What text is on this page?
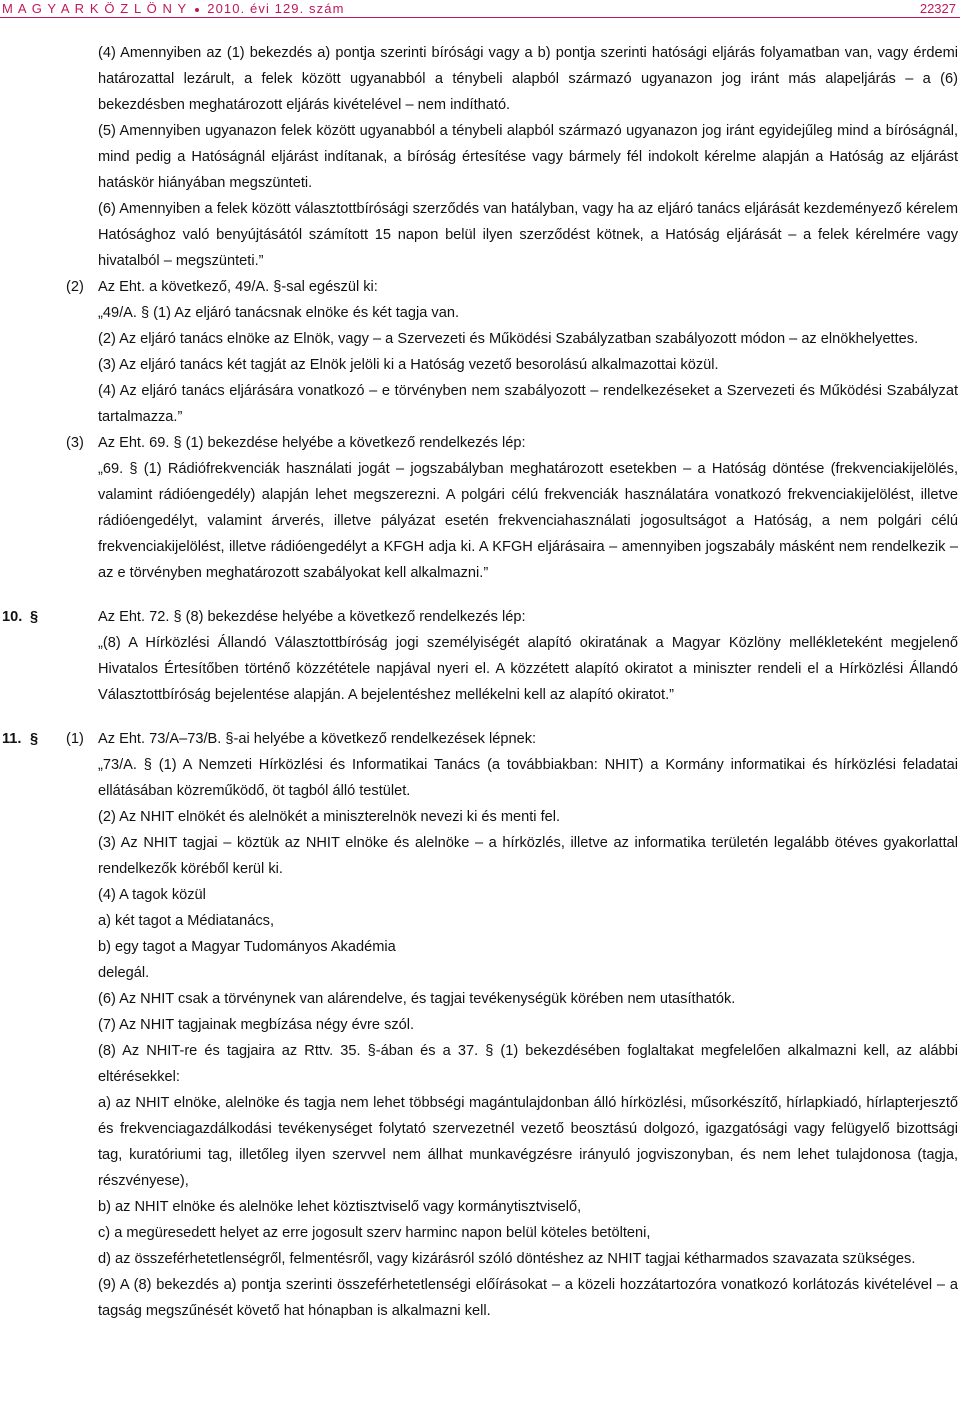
M A G Y A R K Ö Z L Ö N Y 2010. évi 129. szám	22327
(4) Amennyiben az (1) bekezdés a) pontja szerinti bírósági vagy a b) pontja szerinti hatósági eljárás folyamatban van, vagy érdemi határozattal lezárult, a felek között ugyanabból a ténybeli alapból származó ugyanazon jog iránt más alapeljárás – a (6) bekezdésben meghatározott eljárás kivételével – nem indítható.
(5) Amennyiben ugyanazon felek között ugyanabból a ténybeli alapból származó ugyanazon jog iránt egyidejűleg mind a bíróságnál, mind pedig a Hatóságnál eljárást indítanak, a bíróság értesítése vagy bármely fél indokolt kérelme alapján a Hatóság az eljárást hatáskör hiányában megszünteti.
(6) Amennyiben a felek között választottbírósági szerződés van hatályban, vagy ha az eljáró tanács eljárását kezdeményező kérelem Hatósághoz való benyújtásától számított 15 napon belül ilyen szerződést kötnek, a Hatóság eljárását – a felek kérelmére vagy hivatalból – megszünteti.”
(2) Az Eht. a következő, 49/A. §-sal egészül ki:
„49/A. § (1) Az eljáró tanácsnak elnöke és két tagja van.
(2) Az eljáró tanács elnöke az Elnök, vagy – a Szervezeti és Működési Szabályzatban szabályozott módon – az elnökhelyettes.
(3) Az eljáró tanács két tagját az Elnök jelöli ki a Hatóság vezető besorolású alkalmazottai közül.
(4) Az eljáró tanács eljárására vonatkozó – e törvényben nem szabályozott – rendelkezéseket a Szervezeti és Működési Szabályzat tartalmazza.”
(3) Az Eht. 69. § (1) bekezdése helyébe a következő rendelkezés lép:
„69. § (1) Rádiófrekvenciák használati jogát – jogszabályban meghatározott esetekben – a Hatóság döntése (frekvenciakijelölés, valamint rádióengedély) alapján lehet megszerezni. A polgári célú frekvenciák használatára vonatkozó frekvenciakijelölést, illetve rádióengedélyt, valamint árverés, illetve pályázat esetén frekvenciahasználati jogosultságot a Hatóság, a nem polgári célú frekvenciakijelölést, illetve rádióengedélyt a KFGH adja ki. A KFGH eljárásaira – amennyiben jogszabály másként nem rendelkezik – az e törvényben meghatározott szabályokat kell alkalmazni.”
10. §	Az Eht. 72. § (8) bekezdése helyébe a következő rendelkezés lép:
„(8) A Hírközlési Állandó Választottbíróság jogi személyiségét alapító okiratának a Magyar Közlöny mellékleteként megjelenő Hivatalos Értesítőben történő közzététele napjával nyeri el. A közzétett alapító okiratot a miniszter rendeli el a Hírközlési Állandó Választottbíróság bejelentése alapján. A bejelentéshez mellékelni kell az alapító okiratot.”
11. § (1) Az Eht. 73/A–73/B. §-ai helyébe a következő rendelkezések lépnek:
„73/A. § (1) A Nemzeti Hírközlési és Informatikai Tanács (a továbbiakban: NHIT) a Kormány informatikai és hírközlési feladatai ellátásában közreműködő, öt tagból álló testület.
(2) Az NHIT elnökét és alelnökét a miniszterelnök nevezi ki és menti fel.
(3) Az NHIT tagjai – köztük az NHIT elnöke és alelnöke – a hírközlés, illetve az informatika területén legalább ötéves gyakorlattal rendelkezők köréből kerül ki.
(4) A tagok közül
a) két tagot a Médiatanács,
b) egy tagot a Magyar Tudományos Akadémia
delegál.
(6) Az NHIT csak a törvénynek van alárendelve, és tagjai tevékenységük körében nem utasíthatók.
(7) Az NHIT tagjainak megbízása négy évre szól.
(8) Az NHIT-re és tagjaira az Rttv. 35. §-ában és a 37. § (1) bekezdésében foglaltakat megfelelően alkalmazni kell, az alábbi eltérésekkel:
a) az NHIT elnöke, alelnöke és tagja nem lehet többségi magántulajdonban álló hírközlési, műsorkészítő, hírlapkiadó, hírlapterjesztő és frekvenciagazdálkodási tevékenységet folytató szervezetnél vezető beosztású dolgozó, igazgatósági vagy felügyelő bizottsági tag, kuratóriumi tag, illetőleg ilyen szervvel nem állhat munkavégzésre irányuló jogviszonyban, és nem lehet tulajdonosa (tagja, részvényese),
b) az NHIT elnöke és alelnöke lehet köztisztviselő vagy kormánytisztviselő,
c) a megüresedett helyet az erre jogosult szerv harminc napon belül köteles betölteni,
d) az összeférhetetlenségről, felmentésről, vagy kizárásról szóló döntéshez az NHIT tagjai kétharmados szavazata szükséges.
(9) A (8) bekezdés a) pontja szerinti összeférhetetlenségi előírásokat – a közeli hozzátartozóra vonatkozó korlátozás kivételével – a tagság megszűnését követő hat hónapban is alkalmazni kell.
